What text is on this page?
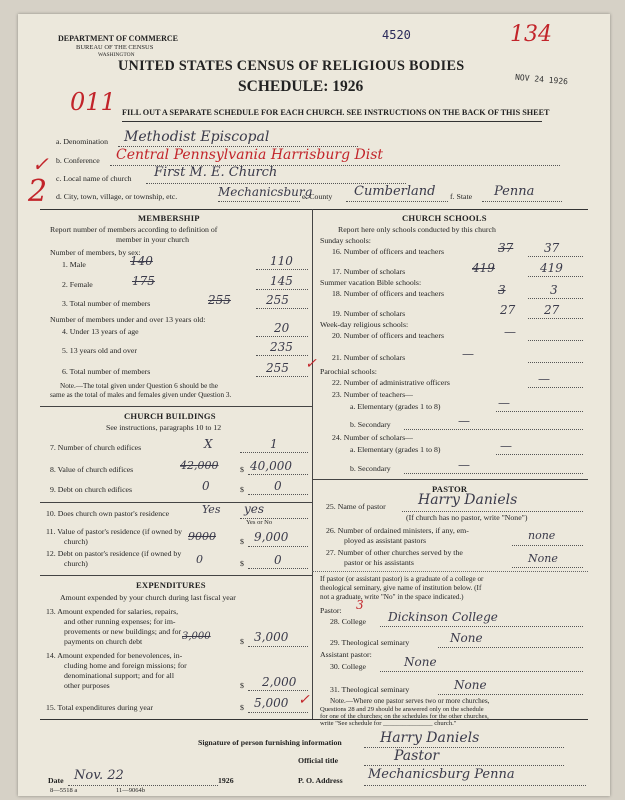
DEPARTMENT OF COMMERCE
BUREAU OF THE CENSUS
WASHINGTON
4520	134
UNITED STATES CENSUS OF RELIGIOUS BODIES
NOV 24 1926
SCHEDULE: 1926
011 FILL OUT A SEPARATE SCHEDULE FOR EACH CHURCH. SEE INSTRUCTIONS ON THE BACK OF THIS SHEET
✓
2
a. Denomination Methodist Episcopal
b. Conference Central Pennsylvania Harrisburg Dist
c. Local name of church First M. E. Church
d. City, town, village, or township, etc.	Mechanicsburg
e. County Cumberland f. State Penna
MEMBERSHIP
Report number of members according to definition of
member in your church
Number of members, by sex:
1. Male	140	110
2. Female	175	145
3. Total number of members	255	255
Number of members under and over 13 years old:
4. Under 13 years of age	20
5. 13 years old and over	235
6. Total number of members	255 ✓
Note.—The total given under Question 6 should be the
same as the total of males and females given under Question 3.
CHURCH BUILDINGS
See instructions, paragraphs 10 to 12
7. Number of church edifices	X	1
8. Value of church edifices	42,000	$ 40,000
9. Debt on church edifices	0	$	0
10. Does church own pastor's residence	Yes yes
Yes or No
11. Value of pastor's residence (if owned by
church)	9000	$ 9,000
12. Debt on pastor's residence (if owned by
church)	0	$	0
EXPENDITURES
Amount expended by your church during last fiscal year
13. Amount expended for salaries, repairs,
and other running expenses; for im-
provements or new buildings; and for
payments on church debt	3,000	$ 3,000
14. Amount expended for benevolences, in-
cluding home and foreign missions; for
denominational support; and for all
other purposes	$ 2,000
15. Total expenditures during year	$ 5,000 ✓
CHURCH SCHOOLS
Report here only schools conducted by this church
Sunday schools:
16. Number of officers and teachers	37	37
17. Number of scholars	419	419
Summer vacation Bible schools:
18. Number of officers and teachers	3	3
19. Number of scholars	27 27
Week-day religious schools:
20. Number of officers and teachers	—
21. Number of scholars	—
Parochial schools:
22. Number of administrative officers	—
23. Number of teachers—
a. Elementary (grades 1 to 8)	—
b. Secondary	—
24. Number of scholars—
a. Elementary (grades 1 to 8)	—
b. Secondary	—
PASTOR
25. Name of pastor Harry Daniels
(If church has no pastor, write "None")
26. Number of ordained ministers, if any, em-
ployed as assistant pastors	none
27. Number of other churches served by the
pastor or his assistants	None
If pastor (or assistant pastor) is a graduate of a college or
theological seminary, give name of institution below. (If
not a graduate, write "No" in the space indicated.)
Pastor: 3
28. College Dickinson College
29. Theological seminary	None
Assistant pastor:
30. College	None
31. Theological seminary	None
Note.—Where one pastor serves two or more churches,
Questions 28 and 29 should be answered only on the schedule
for one of the churches; on the schedules for the other churches,
write "See schedule for _______________ church."
Signature of person furnishing information	Harry Daniels
Official title	Pastor
Date Nov. 22	1926	P. O. Address Mechanicsburg Penna
8—5518 a	11—9064b
